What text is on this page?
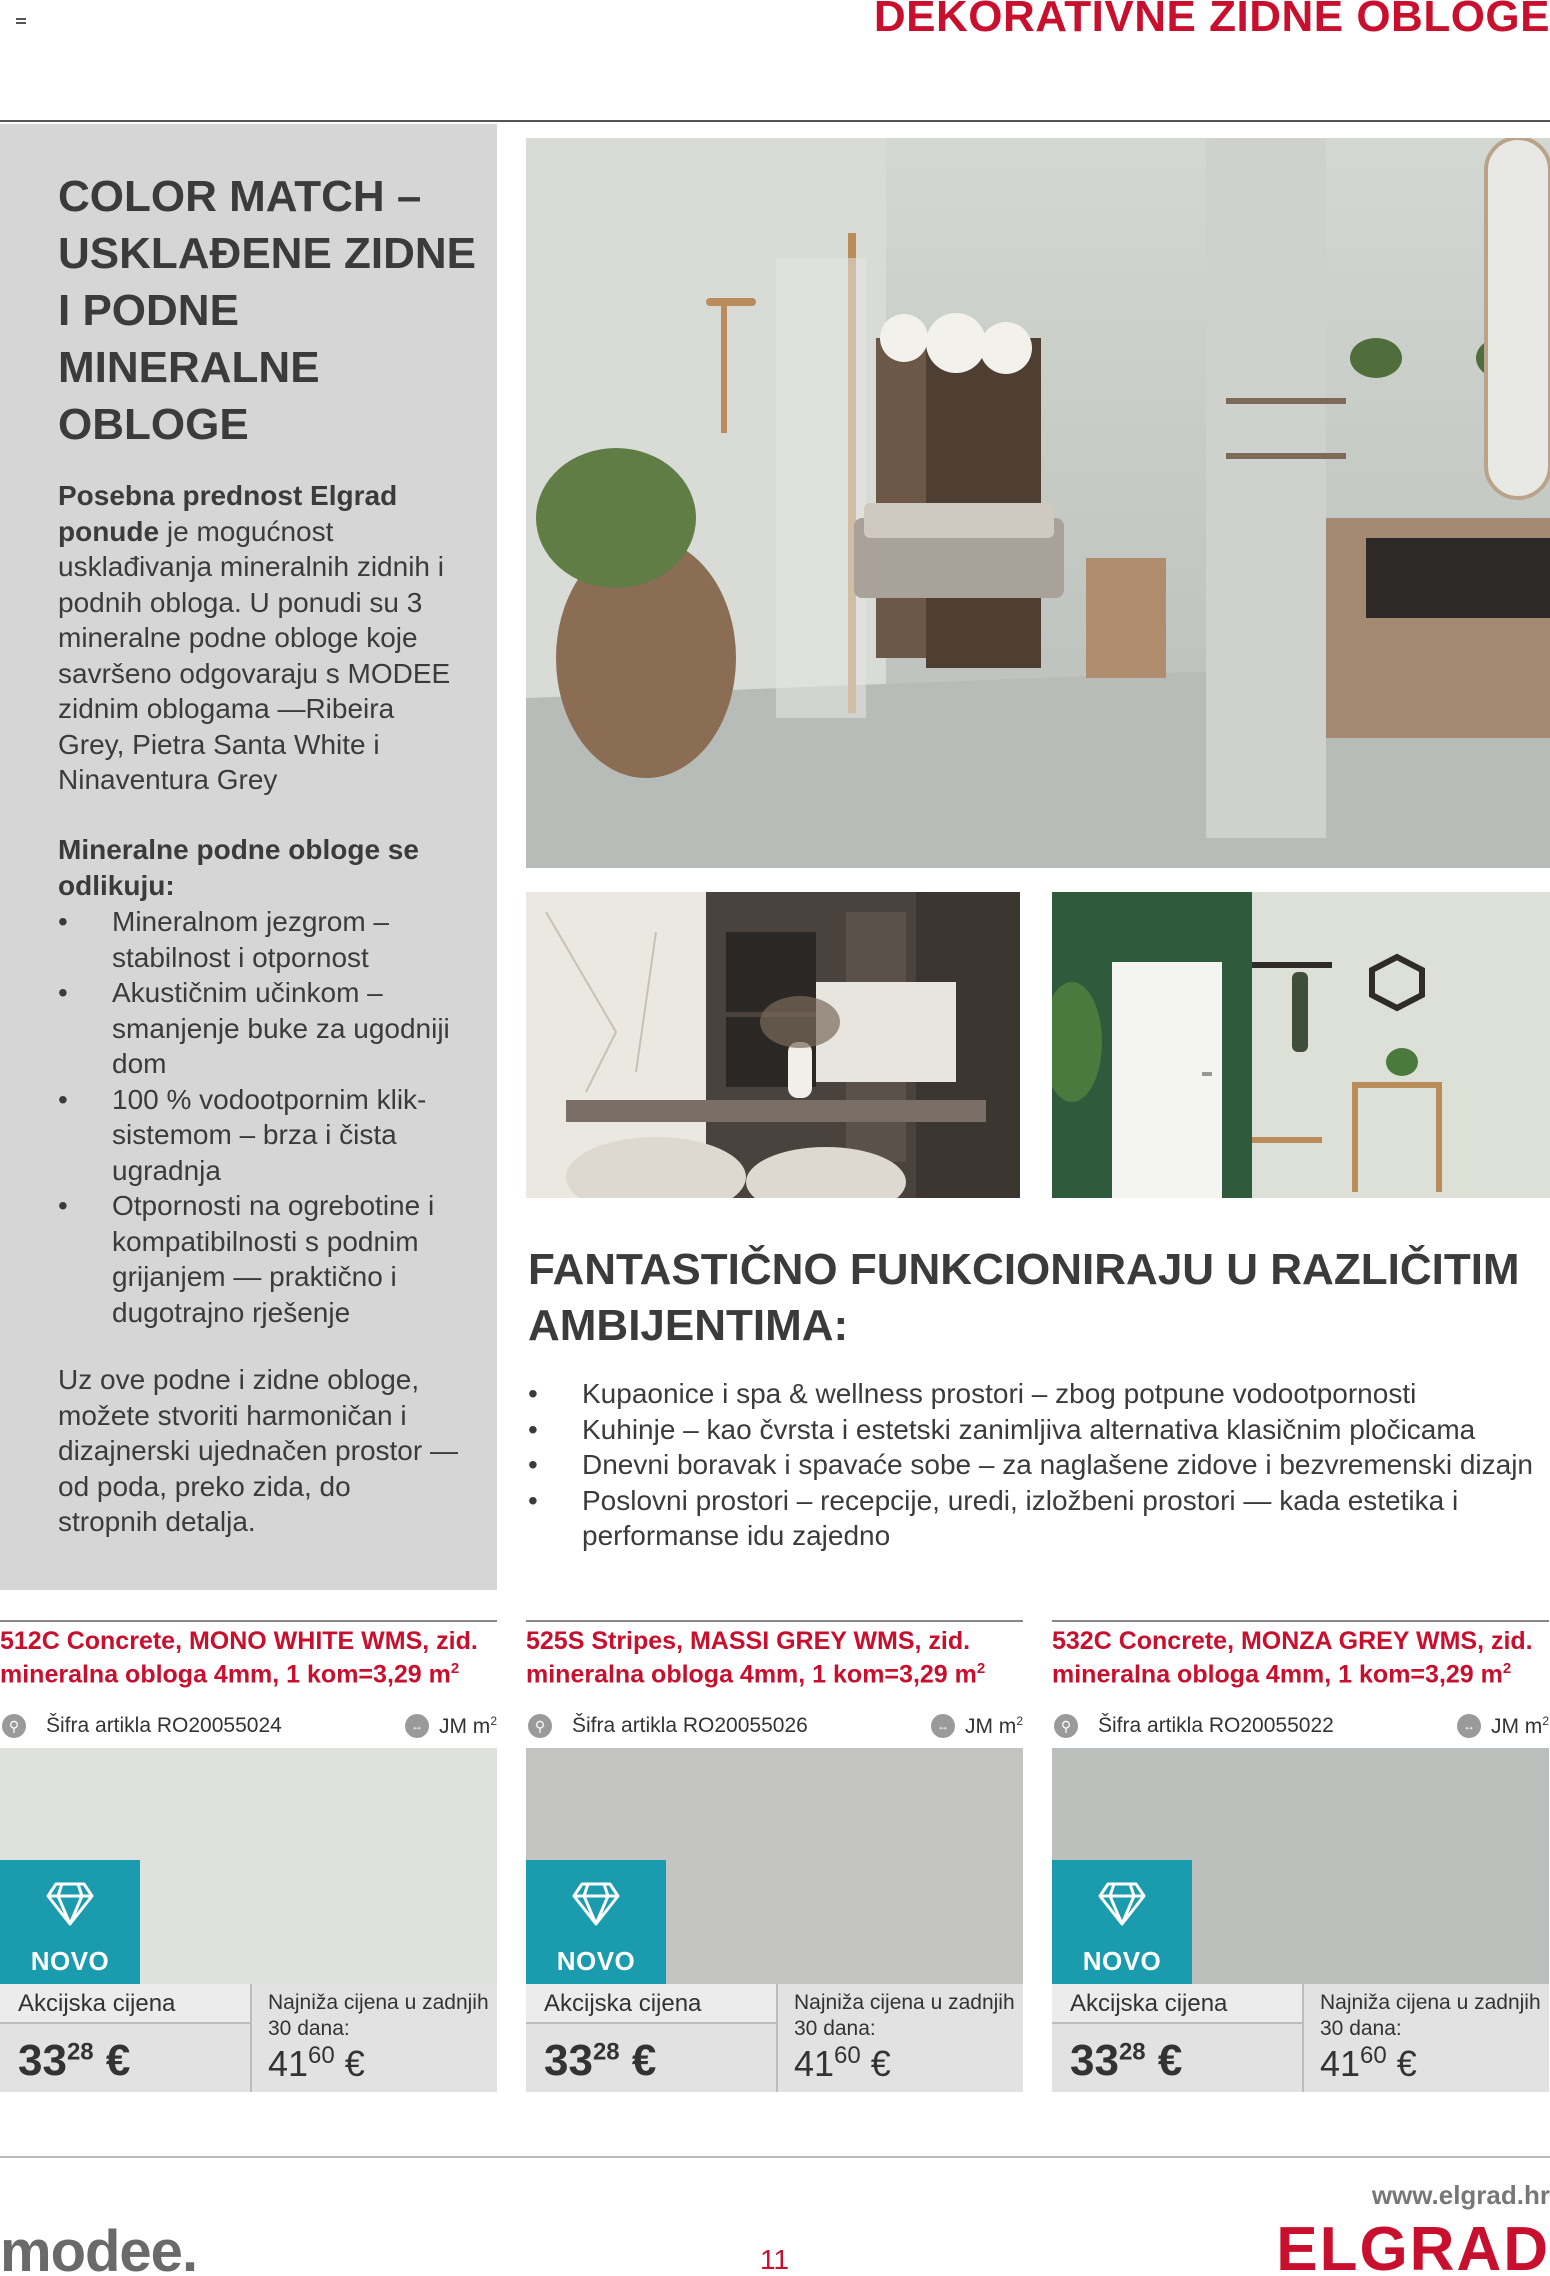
DEKORATIVNE ZIDNE OBLOGE
COLOR MATCH – USKLAĐENE ZIDNE I PODNE MINERALNE OBLOGE

Posebna prednost Elgrad ponude je mogućnost usklađivanja mineralnih zidnih i podnih obloga. U ponudi su 3 mineralne podne obloge koje savršeno odgovaraju s MODEE zidnim oblogama —Ribeira Grey, Pietra Santa White i Ninaventura Grey

Mineralne podne obloge se odlikuju:

• Mineralnom jezgrom – stabilnost i otpornost
• Akustičnim učinkom – smanjenje buke za ugodniji dom
• 100 % vodootpornim klik-sistemom – brza i čista ugradnja
• Otpornosti na ogrebotine i kompatibilnosti s podnim grijanjem — praktično i dugotrajno rješenje

Uz ove podne i zidne obloge, možete stvoriti harmoničan i dizajnerski ujednačen prostor — od poda, preko zida, do stropnih detalja.

FANTASTIČNO FUNKCIONIRAJU U RAZLIČITIM AMBIJENTIMA:
• Kupaonice i spa & wellness prostori – zbog potpune vodootpornosti
• Kuhinje – kao čvrsta i estetski zanimljiva alternativa klasičnim pločicama
• Dnevni boravak i spavaće sobe – za naglašene zidove i bezvremenski dizajn
• Poslovni prostori – recepcije, uredi, izložbeni prostori — kada estetika i performanse idu zajedno
512C Concrete, MONO WHITE WMS, zid. mineralna obloga 4mm, 1 kom=3,29 $m^2$
⚲	Šifra artikla RO20055024	↔ JM $m^2$
NOVO
Akcijska cijena
$33^{28}$ €
Najniža cijena u zadnjih 30 dana:
$41^{60}$ €
525S Stripes, MASSI GREY WMS, zid. mineralna obloga 4mm, 1 kom=3,29 $m^2$
⚲	Šifra artikla RO20055026	↔ JM $m^2$
NOVO
Akcijska cijena
$33^{28}$ €
Najniža cijena u zadnjih 30 dana:
$41^{60}$ €
532C Concrete, MONZA GREY WMS, zid. mineralna obloga 4mm, 1 kom=3,29 $m^2$
⚲	Šifra artikla RO20055022	↔ JM $m^2$
NOVO
Akcijska cijena
$33^{28}$ €
Najniža cijena u zadnjih 30 dana:
$41^{60}$ €
modee.	11
www.elgrad.hr
ELGRAD
